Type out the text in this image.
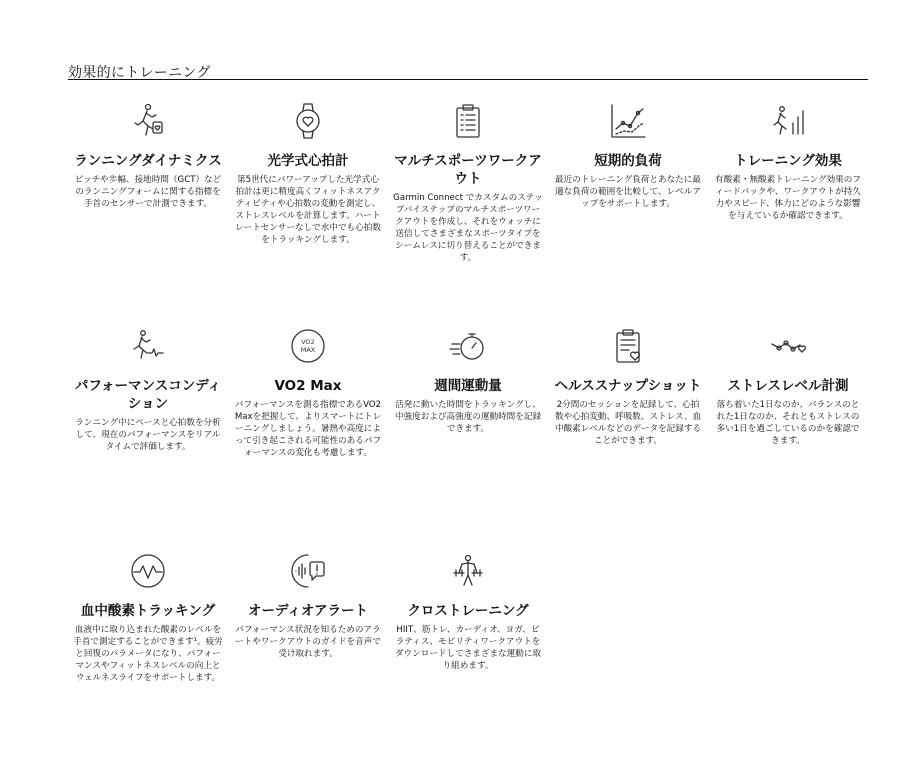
効果的にトレーニング
ランニングダイナミクス

ピッチや歩幅、接地時間（GCT）などのランニングフォームに関する指標を手首のセンサーで計測できます。

光学式心拍計

第5世代にパワーアップした光学式心拍計は更に精度高くフィットネスアクティビティや心拍数の変動を測定し、ストレスレベルを計算します。ハートレートセンサーなしで水中でも心拍数をトラッキングします。

マルチスポーツワークアウト

Garmin Connect でカスタムのステップバイステップのマルチスポーツワークアウトを作成し、それをウォッチに送信してさまざまなスポーツタイプをシームレスに切り替えることができます。

短期的負荷

最近のトレーニング負荷とあなたに最適な負荷の範囲を比較して、レベルアップをサポートします。

トレーニング効果

有酸素・無酸素トレーニング効果のフィードバックや、ワークアウトが持久力やスピード、体力にどのような影響を与えているか確認できます。

パフォーマンスコンディション

ランニング中にペースと心拍数を分析して、現在のパフォーマンスをリアルタイムで評価します。

VO2
MAX
VO2 Max

パフォーマンスを測る指標であるVO2 Maxを把握して、よりスマートにトレーニングしましょう。暑熱や高度によって引き起こされる可能性のあるパフォーマンスの変化も考慮します。

週間運動量

活発に動いた時間をトラッキングし、中強度および高強度の運動時間を記録できます。

ヘルススナップショット

2分間のセッションを記録して、心拍数や心拍変動、呼吸数、ストレス、血中酸素レベルなどのデータを記録することができます。

ストレスレベル計測

落ち着いた1日なのか、バランスのとれた1日なのか、それともストレスの多い1日を過ごしているのかを確認できます。

血中酸素トラッキング

血液中に取り込まれた酸素のレベルを手首で測定することができます¹。疲労と回復のパラメータになり、パフォーマンスやフィットネスレベルの向上とウェルネスライフをサポートします。

オーディオアラート

パフォーマンス状況を知るためのアラートやワークアウトのガイドを音声で受け取れます。

クロストレーニング

HIIT、筋トレ、カーディオ、ヨガ、ピラティス、モビリティワークアウトをダウンロードしてさまざまな運動に取り組めます。
